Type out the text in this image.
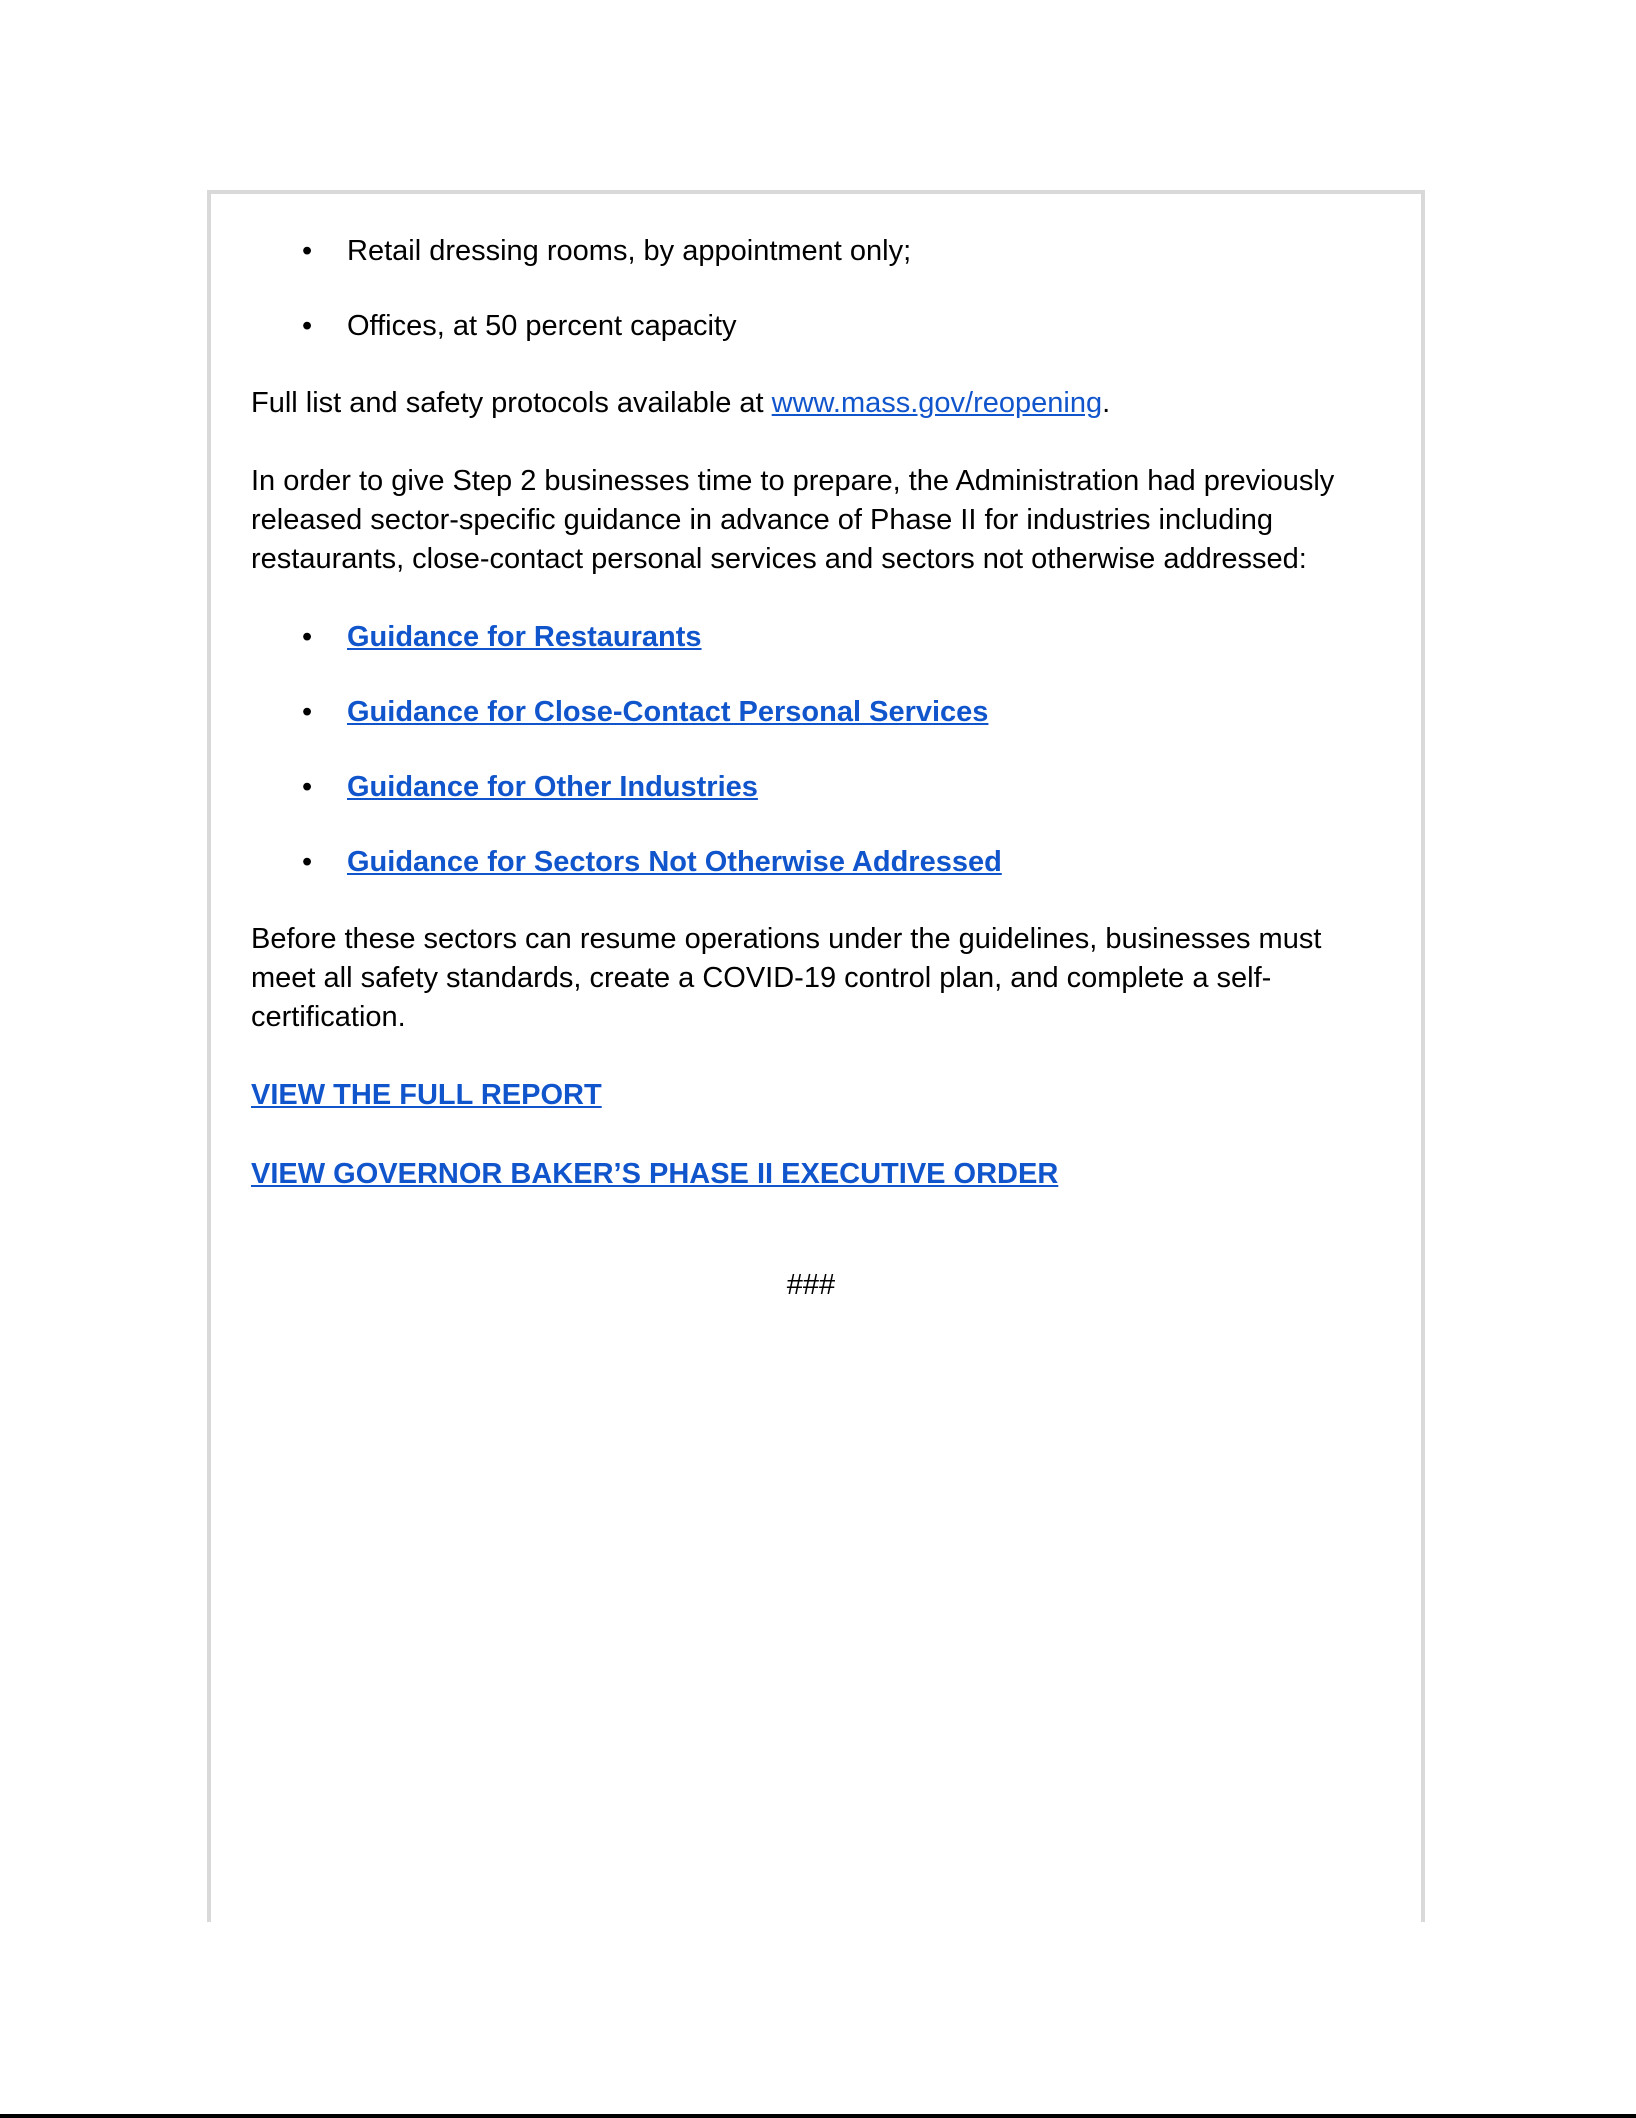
• Retail dressing rooms, by appointment only;
• Offices, at 50 percent capacity

Full list and safety protocols available at www.mass.gov/reopening.

In order to give Step 2 businesses time to prepare, the Administration had previously released sector-specific guidance in advance of Phase II for industries including restaurants, close-contact personal services and sectors not otherwise addressed:

• Guidance for Restaurants
• Guidance for Close-Contact Personal Services
• Guidance for Other Industries
• Guidance for Sectors Not Otherwise Addressed

Before these sectors can resume operations under the guidelines, businesses must meet all safety standards, create a COVID-19 control plan, and complete a self-certification.

VIEW THE FULL REPORT

VIEW GOVERNOR BAKER’S PHASE II EXECUTIVE ORDER

###
